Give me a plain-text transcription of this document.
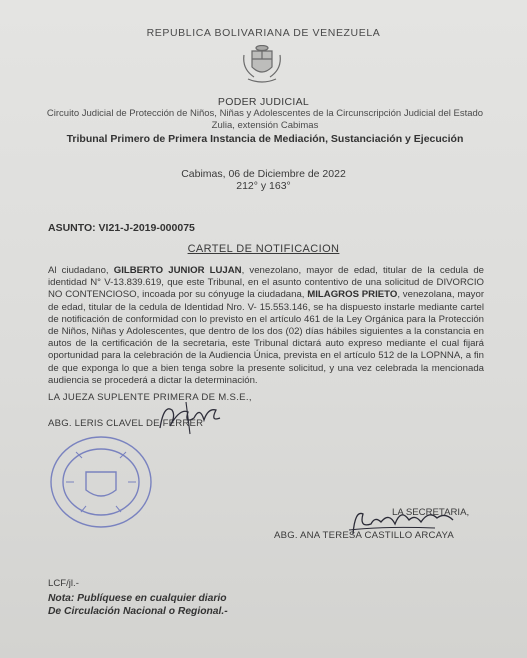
REPUBLICA BOLIVARIANA DE VENEZUELA
PODER JUDICIAL
Circuito Judicial de Protección de Niños, Niñas y Adolescentes de la Circunscripción Judicial del Estado Zulia, extensión Cabimas
Tribunal Primero de Primera Instancia de Mediación, Sustanciación y Ejecución
Cabimas, 06 de Diciembre de 2022
212° y 163°
ASUNTO: VI21-J-2019-000075
CARTEL DE NOTIFICACION
Al ciudadano, GILBERTO JUNIOR LUJAN, venezolano, mayor de edad, titular de la cedula de identidad N° V-13.839.619, que este Tribunal, en el asunto contentivo de una solicitud de DIVORCIO NO CONTENCIOSO, incoada por su cónyuge la ciudadana, MILAGROS PRIETO, venezolana, mayor de edad, titular de la cedula de Identidad Nro. V- 15.553.146, se ha dispuesto instarle mediante cartel de notificación de conformidad con lo previsto en el artículo 461 de la Ley Orgánica para la Protección de Niños, Niñas y Adolescentes, que dentro de los dos (02) días hábiles siguientes a la constancia en autos de la certificación de la secretaria, este Tribunal dictará auto expreso mediante el cual fijará oportunidad para la celebración de la Audiencia Única, prevista en el artículo 512 de la LOPNNA, a fin de que exponga lo que a bien tenga sobre la presente solicitud, y una vez celebrada la mencionada audiencia se procederá a dictar la determinación.
LA JUEZA SUPLENTE PRIMERA DE M.S.E.,
ABG. LERIS CLAVEL DE FERRER
LA SECRETARIA,
ABG. ANA TERESA CASTILLO ARCAYA
LCF/jl.-
Nota: Publíquese en cualquier diario
De Circulación Nacional o Regional.-
